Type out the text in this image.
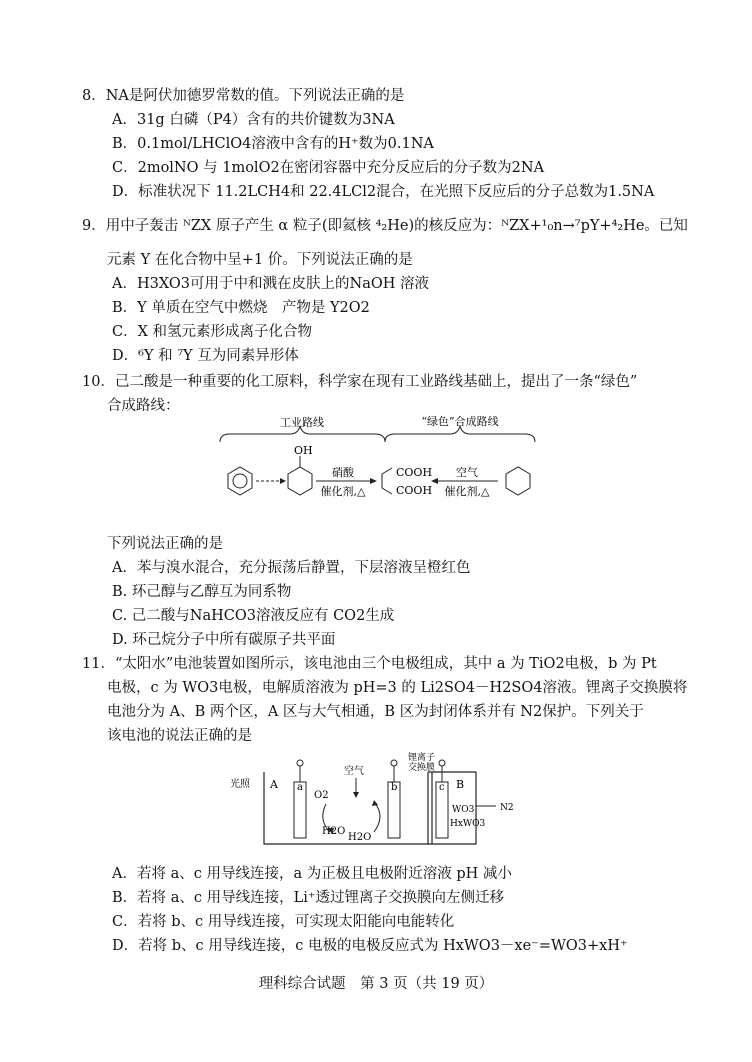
8．NA是阿伏加德罗常数的值。下列说法正确的是
A．31g 白磷（P4）含有的共价键数为3NA
B．0.1mol/LHClO4溶液中含有的H⁺数为0.1NA
C．2molNO 与 1molO2在密闭容器中充分反应后的分子数为2NA
D．标准状况下 11.2LCH4和 22.4LCl2混合，在光照下反应后的分子总数为1.5NA
9．用中子轰击 ᴺZX 原子产生 α 粒子(即氦核 ⁴₂He)的核反应为：ᴺZX+¹₀n→⁷pY+⁴₂He。已知
元素 Y 在化合物中呈+1 价。下列说法正确的是
A．H3XO3可用于中和溅在皮肤上的NaOH 溶液
B．Y 单质在空气中燃烧　产物是 Y2O2
C．X 和氢元素形成离子化合物
D．⁶Y 和 ⁷Y 互为同素异形体
10．己二酸是一种重要的化工原料，科学家在现有工业路线基础上，提出了一条“绿色”
合成路线：
工业路线	“绿色”合成路线
OH
硝酸
催化剂,△
COOH
COOH
空气
催化剂,△
下列说法正确的是
A．苯与溴水混合，充分振荡后静置，下层溶液呈橙红色
B. 环己醇与乙醇互为同系物
C. 己二酸与NaHCO3溶液反应有 CO2生成
D. 环己烷分子中所有碳原子共平面
11．“太阳水”电池装置如图所示，该电池由三个电极组成，其中 a 为 TiO2电极，b 为 Pt
电极，c 为 WO3电极，电解质溶液为 pH=3 的 Li2SO4－H2SO4溶液。锂离子交换膜将
电池分为 A、B 两个区，A 区与大气相通，B 区为封闭体系并有 N2保护。下列关于
该电池的说法正确的是
光照 A a
O2
空气
H2O
H2O
b
锂离子
交换膜
c B
WO3
HxWO3
N2
A．若将 a、c 用导线连接，a 为正极且电极附近溶液 pH 减小
B．若将 a、c 用导线连接，Li⁺透过锂离子交换膜向左侧迁移
C．若将 b、c 用导线连接，可实现太阳能向电能转化
D．若将 b、c 用导线连接，c 电极的电极反应式为 HxWO3－xe⁻=WO3+xH⁺
理科综合试题　第 3 页（共 19 页）
